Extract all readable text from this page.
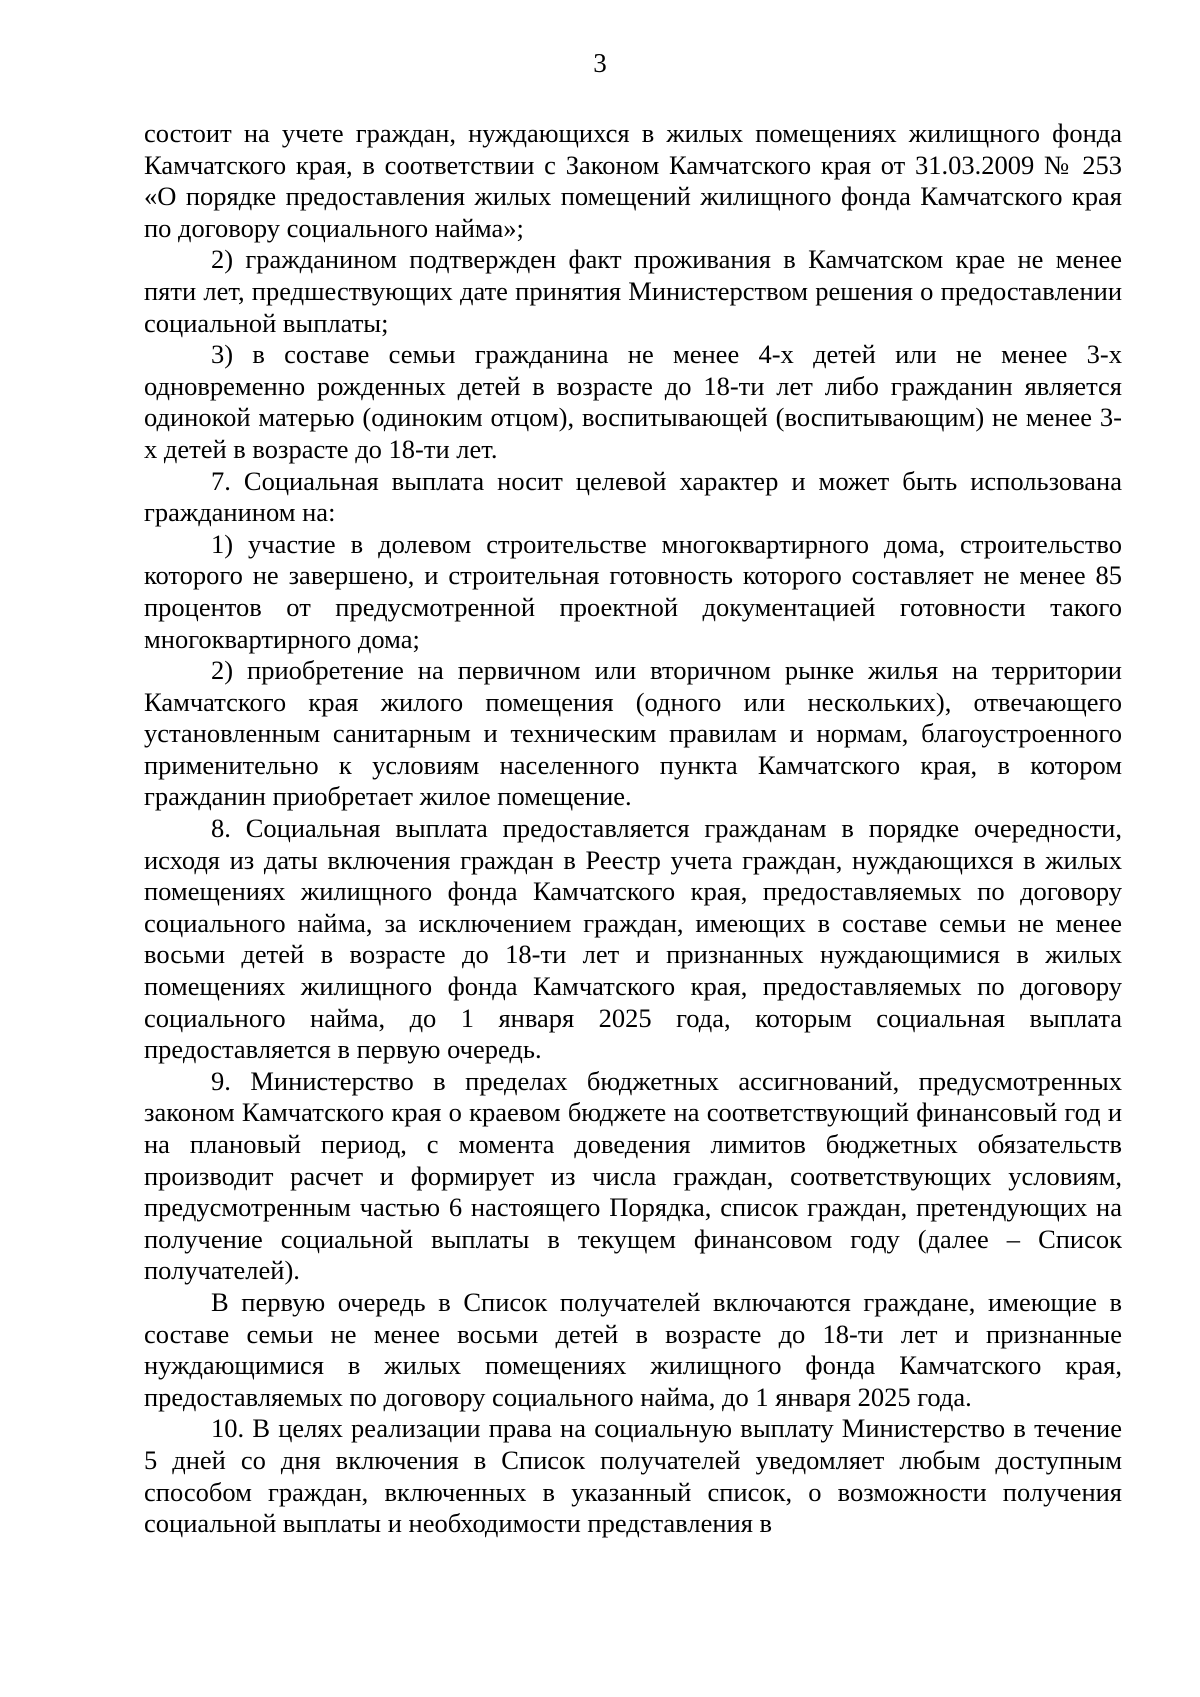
3

состоит на учете граждан, нуждающихся в жилых помещениях жилищного фонда Камчатского края, в соответствии с Законом Камчатского края от 31.03.2009 № 253 «О порядке предоставления жилых помещений жилищного фонда Камчатского края по договору социального найма»;

2) гражданином подтвержден факт проживания в Камчатском крае не менее пяти лет, предшествующих дате принятия Министерством решения о предоставлении социальной выплаты;

3) в составе семьи гражданина не менее 4-х детей или не менее 3-х одновременно рожденных детей в возрасте до 18-ти лет либо гражданин является одинокой матерью (одиноким отцом), воспитывающей (воспитывающим) не менее 3-х детей в возрасте до 18-ти лет.

7. Социальная выплата носит целевой характер и может быть использована гражданином на:

1) участие в долевом строительстве многоквартирного дома, строительство которого не завершено, и строительная готовность которого составляет не менее 85 процентов от предусмотренной проектной документацией готовности такого многоквартирного дома;

2) приобретение на первичном или вторичном рынке жилья на территории Камчатского края жилого помещения (одного или нескольких), отвечающего установленным санитарным и техническим правилам и нормам, благоустроенного применительно к условиям населенного пункта Камчатского края, в котором гражданин приобретает жилое помещение.

8. Социальная выплата предоставляется гражданам в порядке очередности, исходя из даты включения граждан в Реестр учета граждан, нуждающихся в жилых помещениях жилищного фонда Камчатского края, предоставляемых по договору социального найма, за исключением граждан, имеющих в составе семьи не менее восьми детей в возрасте до 18-ти лет и признанных нуждающимися в жилых помещениях жилищного фонда Камчатского края, предоставляемых по договору социального найма, до 1 января 2025 года, которым социальная выплата предоставляется в первую очередь.

9. Министерство в пределах бюджетных ассигнований, предусмотренных законом Камчатского края о краевом бюджете на соответствующий финансовый год и на плановый период, с момента доведения лимитов бюджетных обязательств производит расчет и формирует из числа граждан, соответствующих условиям, предусмотренным частью 6 настоящего Порядка, список граждан, претендующих на получение социальной выплаты в текущем финансовом году (далее – Список получателей).

В первую очередь в Список получателей включаются граждане, имеющие в составе семьи не менее восьми детей в возрасте до 18-ти лет и признанные нуждающимися в жилых помещениях жилищного фонда Камчатского края, предоставляемых по договору социального найма, до 1 января 2025 года.

10. В целях реализации права на социальную выплату Министерство в течение 5 дней со дня включения в Список получателей уведомляет любым доступным способом граждан, включенных в указанный список, о возможности получения социальной выплаты и необходимости представления в
